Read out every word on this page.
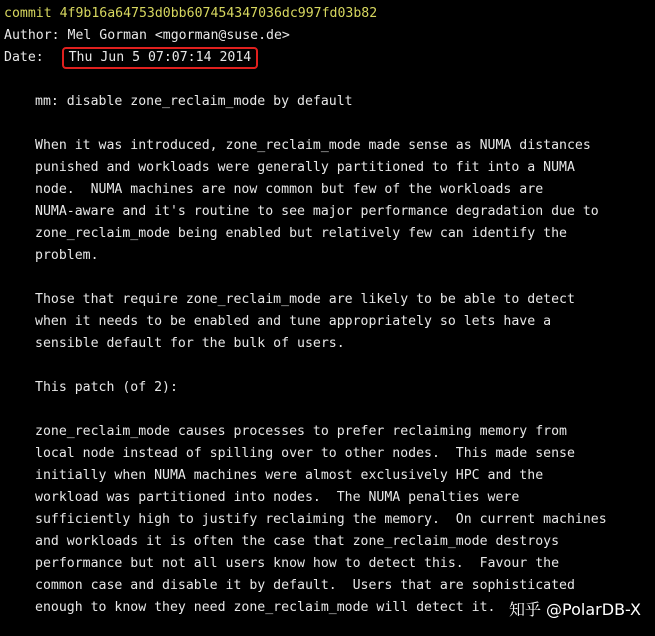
commit 4f9b16a64753d0bb607454347036dc997fd03b82
Author: Mel Gorman <mgorman@suse.de>
Date: Thu Jun 5 07:07:14 2014
mm: disable zone_reclaim_mode by default
When it was introduced, zone_reclaim_mode made sense as NUMA distances
punished and workloads were generally partitioned to fit into a NUMA
node.  NUMA machines are now common but few of the workloads are
NUMA-aware and it's routine to see major performance degradation due to
zone_reclaim_mode being enabled but relatively few can identify the
problem.
Those that require zone_reclaim_mode are likely to be able to detect
when it needs to be enabled and tune appropriately so lets have a
sensible default for the bulk of users.
This patch (of 2):
zone_reclaim_mode causes processes to prefer reclaiming memory from
local node instead of spilling over to other nodes.  This made sense
initially when NUMA machines were almost exclusively HPC and the
workload was partitioned into nodes.  The NUMA penalties were
sufficiently high to justify reclaiming the memory.  On current machines
and workloads it is often the case that zone_reclaim_mode destroys
performance but not all users know how to detect this.  Favour the
common case and disable it by default.  Users that are sophisticated
enough to know they need zone_reclaim_mode will detect it. 知乎 @PolarDB-X
